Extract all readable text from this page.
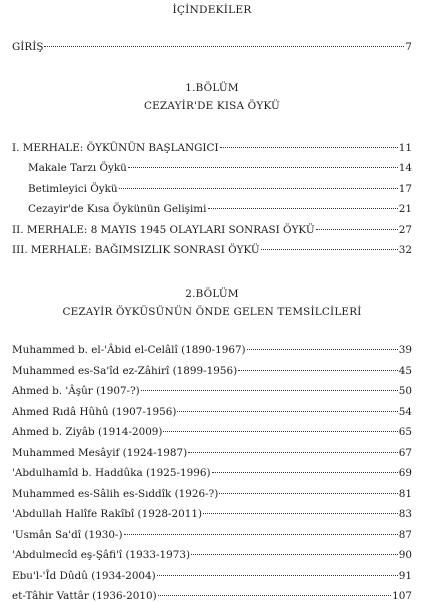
İÇİNDEKİLER
GİRİŞ	7
1.BÖLÜM
CEZAYİR'DE KISA ÖYKÜ
I. MERHALE: ÖYKÜNÜN BAŞLANGICI	11
Makale Tarzı Öykü	14
Betimleyici Öykü	17
Cezayir'de Kısa Öykünün Gelişimi	21
II. MERHALE: 8 MAYIS 1945 OLAYLARI SONRASI ÖYKÜ	27
III. MERHALE: BAĞIMSIZLIK SONRASI ÖYKÜ	32
2.BÖLÜM
CEZAYİR ÖYKÜSÜNÜN ÖNDE GELEN TEMSİLCİLERİ
Muhammed b. el-'Âbid el-Celâlî (1890-1967)	39
Muhammed es-Sa'îd ez-Zâhirî (1899-1956)	45
Ahmed b. 'Âşûr (1907-?)	50
Ahmed Rıdâ Hûhû (1907-1956)	54
Ahmed b. Ziyâb (1914-2009)	65
Muhammed Mesâyif (1924-1987)	67
'Abdulhamîd b. Haddûka (1925-1996)	69
Muhammed es-Sâlih es-Sıddîk (1926-?)	81
'Abdullah Halîfe Rakîbî (1928-2011)	83
'Usmân Sa'dî (1930-)	87
'Abdulmecîd eş-Şâfi'î (1933-1973)	90
Ebu'l-'Îd Dûdû (1934-2004)	91
et-Tâhir Vattâr (1936-2010)	107
